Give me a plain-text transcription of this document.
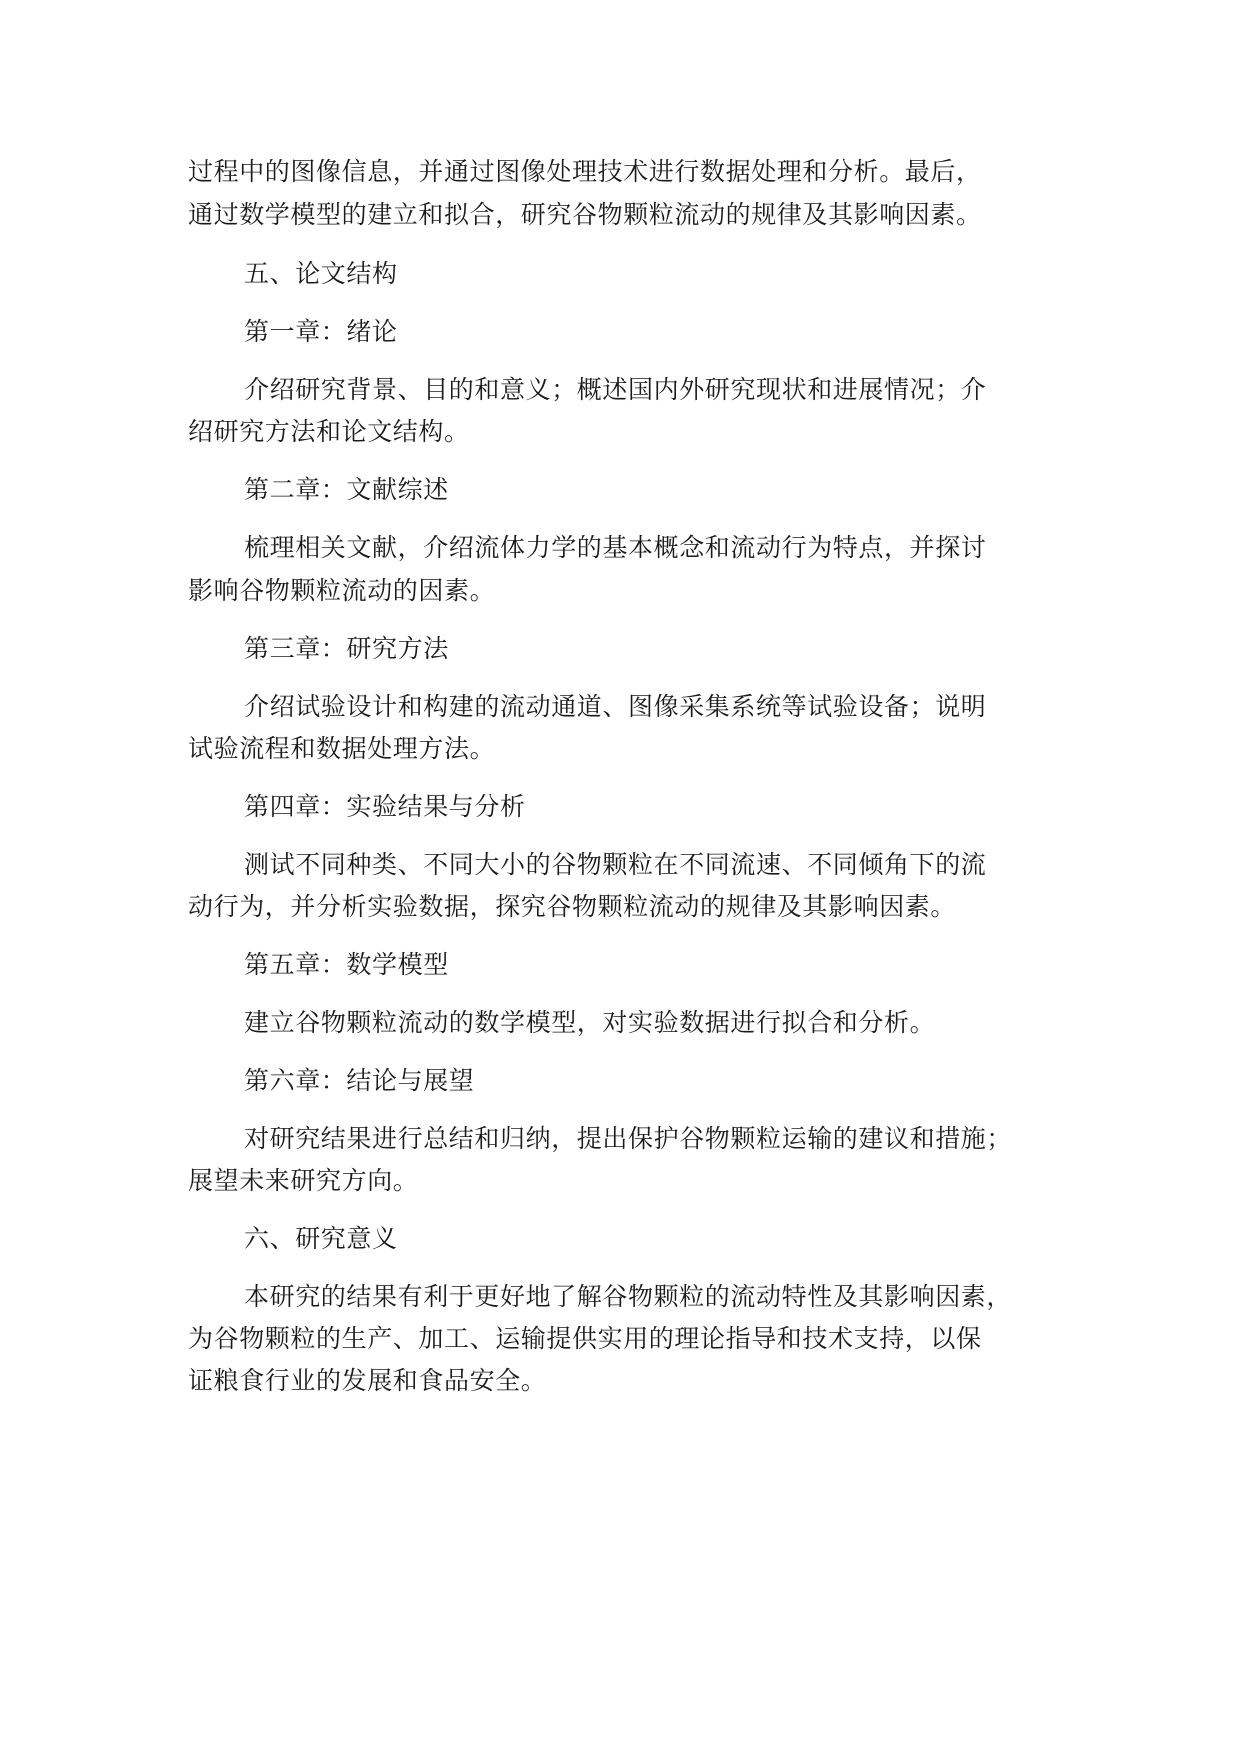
过程中的图像信息，并通过图像处理技术进行数据处理和分析。最后，
通过数学模型的建立和拟合，研究谷物颗粒流动的规律及其影响因素。
五、论文结构
第一章：绪论
介绍研究背景、目的和意义；概述国内外研究现状和进展情况；介
绍研究方法和论文结构。
第二章：文献综述
梳理相关文献，介绍流体力学的基本概念和流动行为特点，并探讨
影响谷物颗粒流动的因素。
第三章：研究方法
介绍试验设计和构建的流动通道、图像采集系统等试验设备；说明
试验流程和数据处理方法。
第四章：实验结果与分析
测试不同种类、不同大小的谷物颗粒在不同流速、不同倾角下的流
动行为，并分析实验数据，探究谷物颗粒流动的规律及其影响因素。
第五章：数学模型
建立谷物颗粒流动的数学模型，对实验数据进行拟合和分析。
第六章：结论与展望
对研究结果进行总结和归纳，提出保护谷物颗粒运输的建议和措施；
展望未来研究方向。
六、研究意义
本研究的结果有利于更好地了解谷物颗粒的流动特性及其影响因素，
为谷物颗粒的生产、加工、运输提供实用的理论指导和技术支持，以保
证粮食行业的发展和食品安全。
